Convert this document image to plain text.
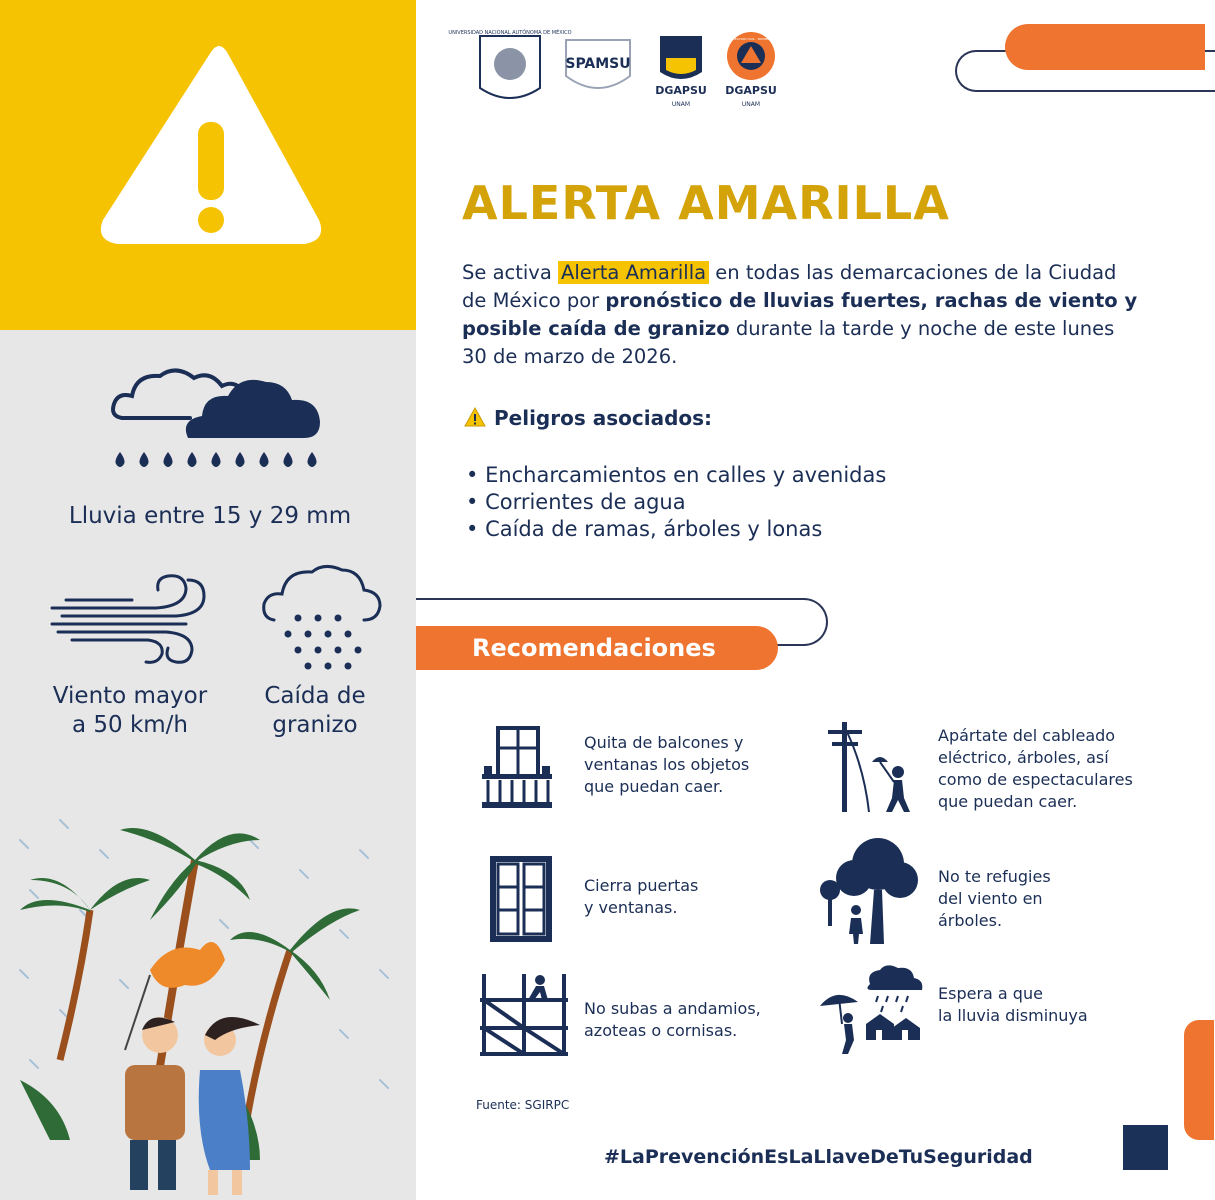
Lluvia entre 15 y 29 mm
Viento mayor
a 50 km/h
Caída de
granizo
UNIVERSIDAD NACIONAL AUTÓNOMA DE MÉXICO
SPAMSU
DGAPSU
UNAM
DGAPSU
UNAM
PROTECCIÓN CIVIL · BOMBEROS
ALERTA AMARILLA
Se activa Alerta Amarilla en todas las demarcaciones de la Ciudad de México por pronóstico de lluvias fuertes, rachas de viento y posible caída de granizo durante la tarde y noche de este lunes 30 de marzo de 2026.
Peligros asociados:
• Encharcamientos en calles y avenidas
• Corrientes de agua
• Caída de ramas, árboles y lonas
Recomendaciones
Quita de balcones y
ventanas los objetos
que puedan caer.
Apártate del cableado
eléctrico, árboles, así
como de espectaculares
que puedan caer.
Cierra puertas
y ventanas.
No te refugies
del viento en
árboles.
No subas a andamios,
azoteas o cornisas.
Espera a que
la lluvia disminuya
Fuente: SGIRPC
#LaPrevenciónEsLaLlaveDeTuSeguridad
